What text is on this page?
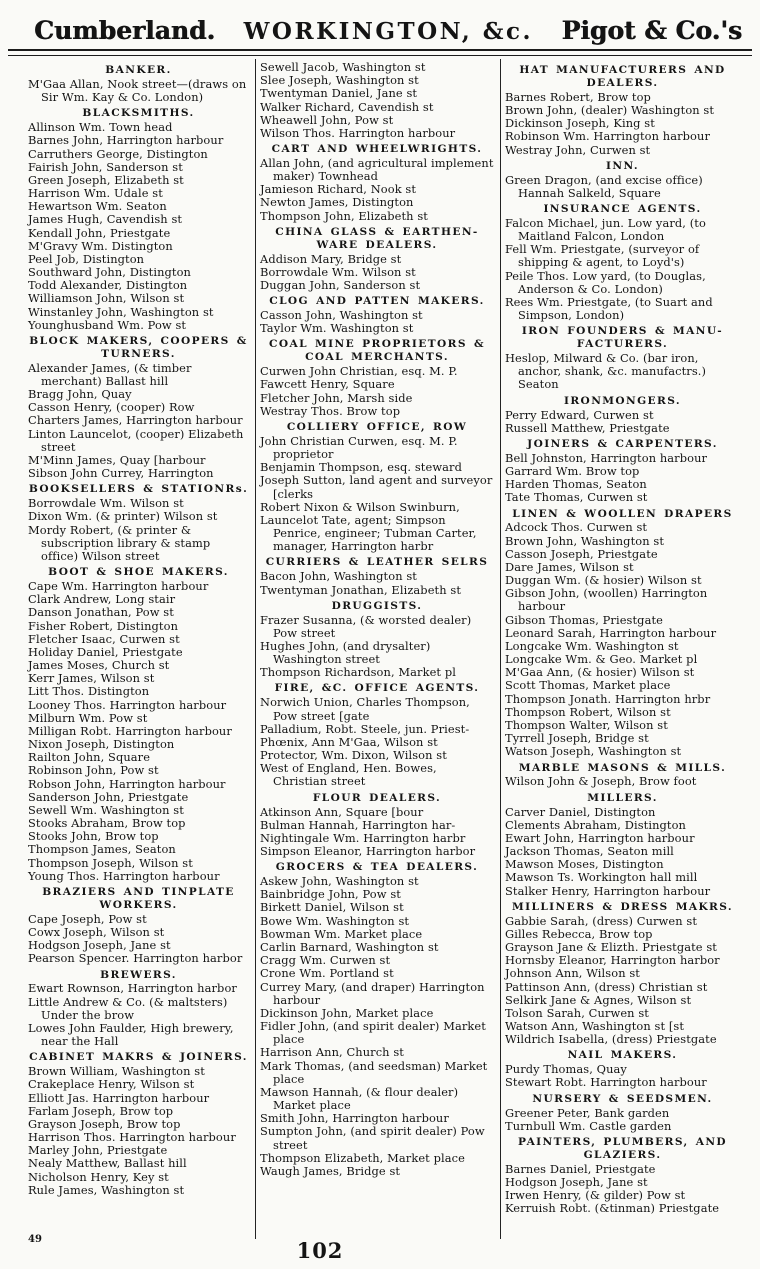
Cumberland. WORKINGTON, &c. Pigot & Co.'s
BANKER.
M'Gaa Allan, Nook street—(draws on Sir Wm. Kay & Co. London)
BLACKSMITHS.
Allinson Wm. Town head
Barnes John, Harrington harbour
Carruthers George, Distington
Fairish John, Sanderson st
Green Joseph, Elizabeth st
Harrison Wm. Udale st
Hewartson Wm. Seaton
James Hugh, Cavendish st
Kendall John, Priestgate
M'Gravy Wm. Distington
Peel Job, Distington
Southward John, Distington
Todd Alexander, Distington
Williamson John, Wilson st
Winstanley John, Washington st
Younghusband Wm. Pow st
BLOCK MAKERS, COOPERS & TURNERS.
Alexander James, (& timber merchant) Ballast hill
Bragg John, Quay
Casson Henry, (cooper) Row
Charters James, Harrington harbour
Linton Launcelot, (cooper) Elizabeth street
M'Minn James, Quay [harbour
Sibson John Currey, Harrington
BOOKSELLERS & STATIONRs.
Borrowdale Wm. Wilson st
Dixon Wm. (& printer) Wilson st
Mordy Robert, (& printer & subscription library & stamp office) Wilson street
BOOT & SHOE MAKERS.
Cape Wm. Harrington harbour
Clark Andrew, Long stair
Danson Jonathan, Pow st
Fisher Robert, Distington
Fletcher Isaac, Curwen st
Holiday Daniel, Priestgate
James Moses, Church st
Kerr James, Wilson st
Litt Thos. Distington
Looney Thos. Harrington harbour
Milburn Wm. Pow st
Milligan Robt. Harrington harbour
Nixon Joseph, Distington
Railton John, Square
Robinson John, Pow st
Robson John, Harrington harbour
Sanderson John, Priestgate
Sewell Wm. Washington st
Stooks Abraham, Brow top
Stooks John, Brow top
Thompson James, Seaton
Thompson Joseph, Wilson st
Young Thos. Harrington harbour
BRAZIERS AND TINPLATE WORKERS.
Cape Joseph, Pow st
Cowx Joseph, Wilson st
Hodgson Joseph, Jane st
Pearson Spencer. Harrington harbor
BREWERS.
Ewart Rownson, Harrington harbor
Little Andrew & Co. (& maltsters) Under the brow
Lowes John Faulder, High brewery, near the Hall
CABINET MAKRS & JOINERS.
Brown William, Washington st
Crakeplace Henry, Wilson st
Elliott Jas. Harrington harbour
Farlam Joseph, Brow top
Grayson Joseph, Brow top
Harrison Thos. Harrington harbour
Marley John, Priestgate
Nealy Matthew, Ballast hill
Nicholson Henry, Key st
Rule James, Washington st
Sewell Jacob, Washington st
Slee Joseph, Washington st
Twentyman Daniel, Jane st
Walker Richard, Cavendish st
Wheawell John, Pow st
Wilson Thos. Harrington harbour
CART AND WHEELWRIGHTS.
Allan John, (and agricultural implement maker) Townhead
Jamieson Richard, Nook st
Newton James, Distington
Thompson John, Elizabeth st
CHINA GLASS & EARTHEN- WARE DEALERS.
Addison Mary, Bridge st
Borrowdale Wm. Wilson st
Duggan John, Sanderson st
CLOG AND PATTEN MAKERS.
Casson John, Washington st
Taylor Wm. Washington st
COAL MINE PROPRIETORS & COAL MERCHANTS.
Curwen John Christian, esq. M. P.
Fawcett Henry, Square
Fletcher John, Marsh side
Westray Thos. Brow top
COLLIERY OFFICE, ROW
John Christian Curwen, esq. M. P. proprietor
Benjamin Thompson, esq. steward
Joseph Sutton, land agent and surveyor [clerks
Robert Nixon & Wilson Swinburn,
Launcelot Tate, agent; Simpson Penrice, engineer; Tubman Carter, manager, Harrington harbr
CURRIERS & LEATHER SELRS
Bacon John, Washington st
Twentyman Jonathan, Elizabeth st
DRUGGISTS.
Frazer Susanna, (& worsted dealer) Pow street
Hughes John, (and drysalter) Washington street
Thompson Richardson, Market pl
FIRE, &C. OFFICE AGENTS.
Norwich Union, Charles Thompson, Pow street [gate
Palladium, Robt. Steele, jun. Priest-
Phœnix, Ann M'Gaa, Wilson st
Protector, Wm. Dixon, Wilson st
West of England, Hen. Bowes, Christian street
FLOUR DEALERS.
Atkinson Ann, Square [bour
Bulman Hannah, Harrington har-
Nightingale Wm. Harrington harbr
Simpson Eleanor, Harrington harbor
GROCERS & TEA DEALERS.
Askew John, Washington st
Bainbridge John, Pow st
Birkett Daniel, Wilson st
Bowe Wm. Washington st
Bowman Wm. Market place
Carlin Barnard, Washington st
Cragg Wm. Curwen st
Crone Wm. Portland st
Currey Mary, (and draper) Harrington harbour
Dickinson John, Market place
Fidler John, (and spirit dealer) Market place
Harrison Ann, Church st
Mark Thomas, (and seedsman) Market place
Mawson Hannah, (& flour dealer) Market place
Smith John, Harrington harbour
Sumpton John, (and spirit dealer) Pow street
Thompson Elizabeth, Market place
Waugh James, Bridge st
HAT MANUFACTURERS AND DEALERS.
Barnes Robert, Brow top
Brown John, (dealer) Washington st
Dickinson Joseph, King st
Robinson Wm. Harrington harbour
Westray John, Curwen st
INN.
Green Dragon, (and excise office) Hannah Salkeld, Square
INSURANCE AGENTS.
Falcon Michael, jun. Low yard, (to Maitland Falcon, London
Fell Wm. Priestgate, (surveyor of shipping & agent, to Loyd's)
Peile Thos. Low yard, (to Douglas, Anderson & Co. London)
Rees Wm. Priestgate, (to Suart and Simpson, London)
IRON FOUNDERS & MANU- FACTURERS.
Heslop, Milward & Co. (bar iron, anchor, shank, &c. manufactrs.) Seaton
IRONMONGERS.
Perry Edward, Curwen st
Russell Matthew, Priestgate
JOINERS & CARPENTERS.
Bell Johnston, Harrington harbour
Garrard Wm. Brow top
Harden Thomas, Seaton
Tate Thomas, Curwen st
LINEN & WOOLLEN DRAPERS
Adcock Thos. Curwen st
Brown John, Washington st
Casson Joseph, Priestgate
Dare James, Wilson st
Duggan Wm. (& hosier) Wilson st
Gibson John, (woollen) Harrington harbour
Gibson Thomas, Priestgate
Leonard Sarah, Harrington harbour
Longcake Wm. Washington st
Longcake Wm. & Geo. Market pl
M'Gaa Ann, (& hosier) Wilson st
Scott Thomas, Market place
Thompson Jonath. Harrington hrbr
Thompson Robert, Wilson st
Thompson Walter, Wilson st
Tyrrell Joseph, Bridge st
Watson Joseph, Washington st
MARBLE MASONS & MILLS.
Wilson John & Joseph, Brow foot
MILLERS.
Carver Daniel, Distington
Clements Abraham, Distington
Ewart John, Harrington harbour
Jackson Thomas, Seaton mill
Mawson Moses, Distington
Mawson Ts. Workington hall mill
Stalker Henry, Harrington harbour
MILLINERS & DRESS MAKRS.
Gabbie Sarah, (dress) Curwen st
Gilles Rebecca, Brow top
Grayson Jane & Elizth. Priestgate st
Hornsby Eleanor, Harrington harbor
Johnson Ann, Wilson st
Pattinson Ann, (dress) Christian st
Selkirk Jane & Agnes, Wilson st
Tolson Sarah, Curwen st
Watson Ann, Washington st [st
Wildrich Isabella, (dress) Priestgate
NAIL MAKERS.
Purdy Thomas, Quay
Stewart Robt. Harrington harbour
NURSERY & SEEDSMEN.
Greener Peter, Bank garden
Turnbull Wm. Castle garden
PAINTERS, PLUMBERS, AND GLAZIERS.
Barnes Daniel, Priestgate
Hodgson Joseph, Jane st
Irwen Henry, (& gilder) Pow st
Kerruish Robt. (&tinman) Priestgate
49	102
